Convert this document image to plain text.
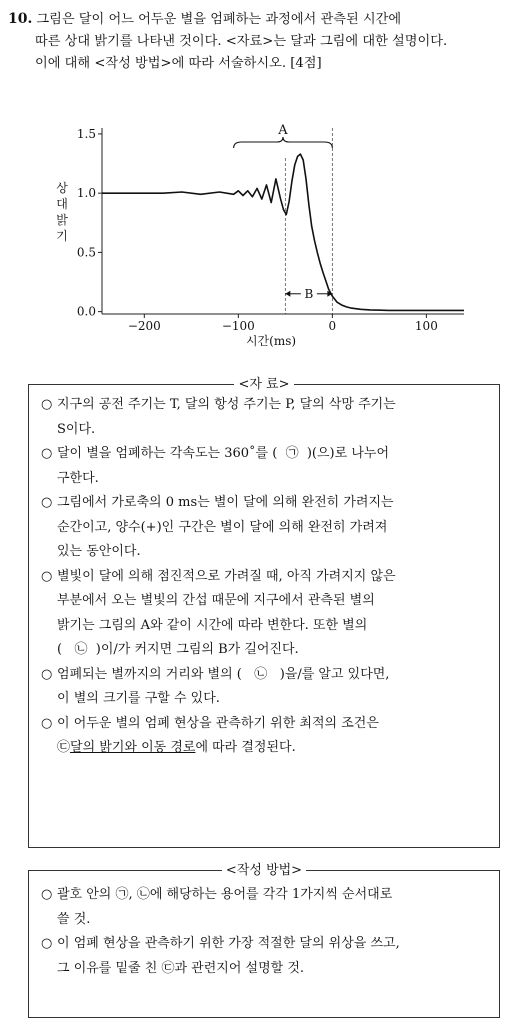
10. 그림은 달이 어느 어두운 별을 엄폐하는 과정에서 관측된 시간에
따른 상대 밝기를 나타낸 것이다. <자료>는 달과 그림에 대한 설명이다.
이에 대해 <작성 방법>에 따라 서술하시오. [4점]
A
B
−200	−100	0	100
0.0
0.5
1.0
1.5
시간(ms)
상
대
밝
기
<자 료>
○ 지구의 공전 주기는 T, 달의 항성 주기는 P, 달의 삭망 주기는
S이다.
○ 달이 별을 엄폐하는 각속도는 360˚를 ( ㉠ )(으)로 나누어
구한다.
○ 그림에서 가로축의 0 ms는 별이 달에 의해 완전히 가려지는
순간이고, 양수(+)인 구간은 별이 달에 의해 완전히 가려져
있는 동안이다.
○ 별빛이 달에 의해 점진적으로 가려질 때, 아직 가려지지 않은
부분에서 오는 별빛의 간섭 때문에 지구에서 관측된 별의
밝기는 그림의 A와 같이 시간에 따라 변한다. 또한 별의
( ㉡ )이/가 커지면 그림의 B가 길어진다.
○ 엄폐되는 별까지의 거리와 별의 ( ㉡ )을/를 알고 있다면,
이 별의 크기를 구할 수 있다.
○ 이 어두운 별의 엄폐 현상을 관측하기 위한 최적의 조건은
㉢달의 밝기와 이동 경로에 따라 결정된다.
<작성 방법>
○ 괄호 안의 ㉠, ㉡에 해당하는 용어를 각각 1가지씩 순서대로
쓸 것.
○ 이 엄폐 현상을 관측하기 위한 가장 적절한 달의 위상을 쓰고,
그 이유를 밑줄 친 ㉢과 관련지어 설명할 것.
